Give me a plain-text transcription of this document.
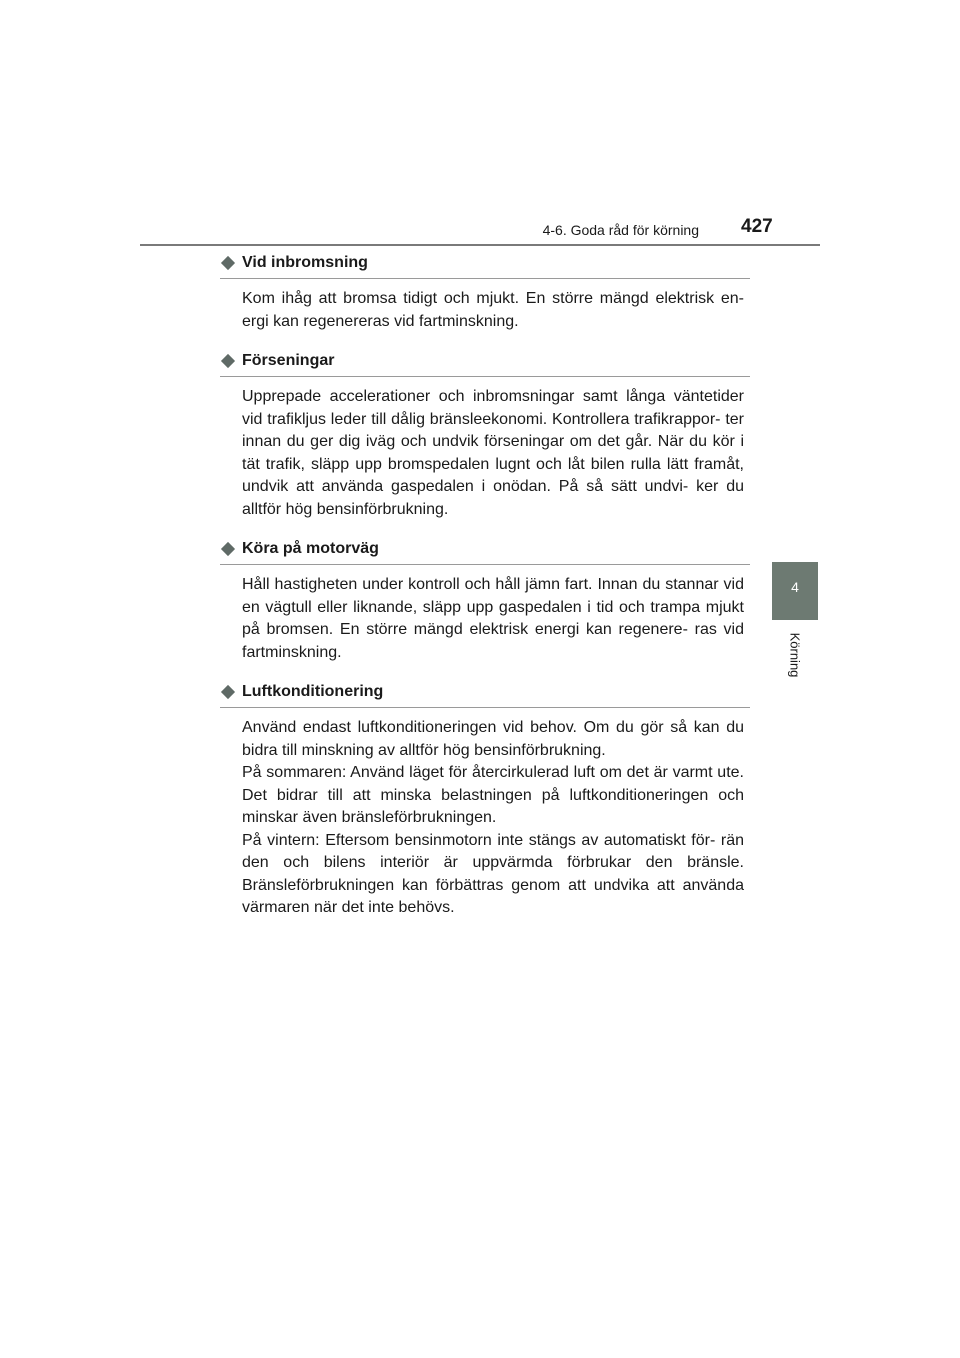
4-6. Goda råd för körning 427
4
Körning
Vid inbromsning

Kom ihåg att bromsa tidigt och mjukt. En större mängd elektrisk en- ergi kan regenereras vid fartminskning.

Förseningar

Upprepade accelerationer och inbromsningar samt långa väntetider vid trafikljus leder till dålig bränsleekonomi. Kontrollera trafikrappor- ter innan du ger dig iväg och undvik förseningar om det går. När du kör i tät trafik, släpp upp bromspedalen lugnt och låt bilen rulla lätt framåt, undvik att använda gaspedalen i onödan. På så sätt undvi- ker du alltför hög bensinförbrukning.

Köra på motorväg

Håll hastigheten under kontroll och håll jämn fart. Innan du stannar vid en vägtull eller liknande, släpp upp gaspedalen i tid och trampa mjukt på bromsen. En större mängd elektrisk energi kan regenere- ras vid fartminskning.

Luftkonditionering

Använd endast luftkonditioneringen vid behov. Om du gör så kan du bidra till minskning av alltför hög bensinförbrukning.

På sommaren: Använd läget för återcirkulerad luft om det är varmt ute. Det bidrar till att minska belastningen på luftkonditioneringen och minskar även bränsleförbrukningen.

På vintern: Eftersom bensinmotorn inte stängs av automatiskt för- rän den och bilens interiör är uppvärmda förbrukar den bränsle. Bränsleförbrukningen kan förbättras genom att undvika att använda värmaren när det inte behövs.
